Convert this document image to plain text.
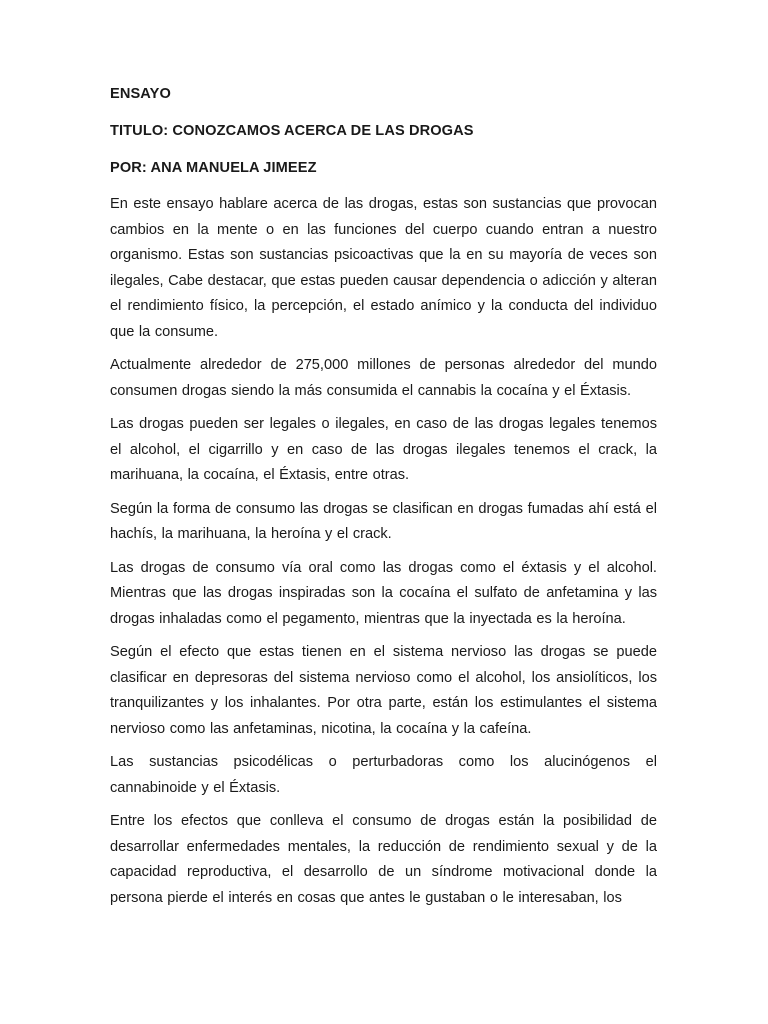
ENSAYO
TITULO: CONOZCAMOS ACERCA DE LAS DROGAS
POR: ANA MANUELA JIMEEZ

En este ensayo hablare acerca de las drogas, estas son sustancias que provocan cambios en la mente o en las funciones del cuerpo cuando entran a nuestro organismo. Estas son sustancias psicoactivas que la en su mayoría de veces son ilegales, Cabe destacar, que estas pueden causar dependencia o adicción y alteran el rendimiento físico, la percepción, el estado anímico y la conducta del individuo que la consume.

Actualmente alrededor de 275,000 millones de personas alrededor del mundo consumen drogas siendo la más consumida el cannabis la cocaína y el Éxtasis.

Las drogas pueden ser legales o ilegales, en caso de las drogas legales tenemos el alcohol, el cigarrillo y en caso de las drogas ilegales tenemos el crack, la marihuana, la cocaína, el Éxtasis, entre otras.

Según la forma de consumo las drogas se clasifican en drogas fumadas ahí está el hachís, la marihuana, la heroína y el crack.

Las drogas de consumo vía oral como las drogas como el éxtasis y el alcohol. Mientras que las drogas inspiradas son la cocaína el sulfato de anfetamina y las drogas inhaladas como el pegamento, mientras que la inyectada es la heroína.

Según el efecto que estas tienen en el sistema nervioso las drogas se puede clasificar en depresoras del sistema nervioso como el alcohol, los ansiolíticos, los tranquilizantes y los inhalantes. Por otra parte, están los estimulantes el sistema nervioso como las anfetaminas, nicotina, la cocaína y la cafeína.

Las sustancias psicodélicas o perturbadoras como los alucinógenos el cannabinoide y el Éxtasis.

Entre los efectos que conlleva el consumo de drogas están la posibilidad de desarrollar enfermedades mentales, la reducción de rendimiento sexual y de la capacidad reproductiva, el desarrollo de un síndrome motivacional donde la persona pierde el interés en cosas que antes le gustaban o le interesaban, los
